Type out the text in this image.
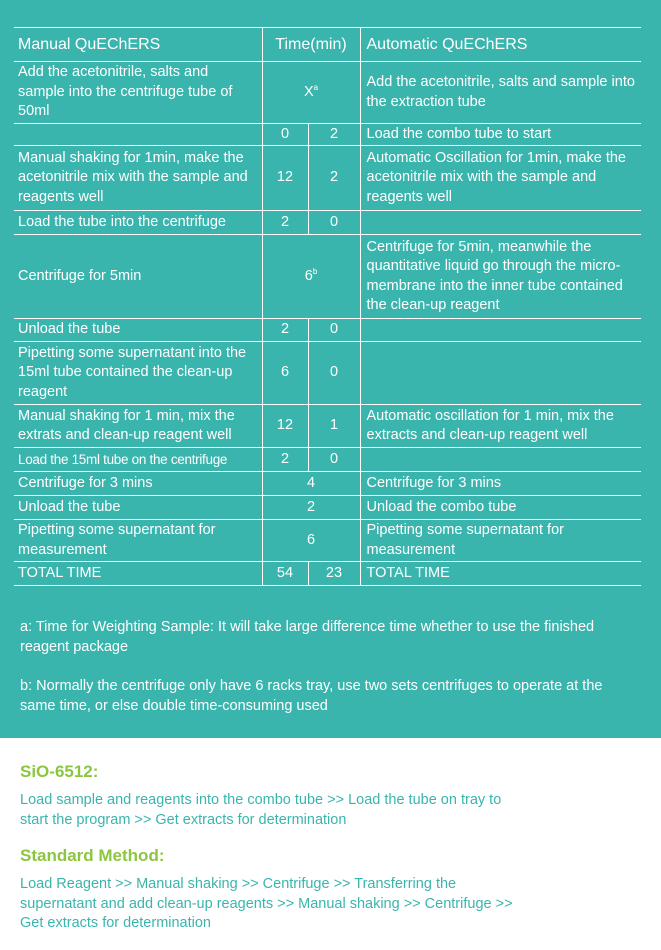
Manual QuEChERS	Time(min)		Automatic QuEChERS
Add the acetonitrile, salts and sample into the centrifuge tube of 50ml	$X^a$		Add the acetonitrile, salts and sample into the extraction tube
	0	2	Load the combo tube to start
Manual shaking for 1min, make the acetonitrile mix with the sample and reagents well	12	2	Automatic Oscillation for 1min, make the acetonitrile mix with the sample and reagents well
Load the tube into the centrifuge	2	0	
Centrifuge for 5min	6$^b$		Centrifuge for 5min, meanwhile the quantitative liquid go through the micro-membrane into the inner tube contained the clean-up reagent
Unload the tube	2	0	
Pipetting some supernatant into the 15ml tube contained the clean-up reagent	6	0	
Manual shaking for 1 min, mix the extrats and clean-up reagent well	12	1	Automatic oscillation for 1 min, mix the extracts and clean-up reagent well
Load the 15ml tube on the centrifuge	2	0	
Centrifuge for 3 mins	4		Centrifuge for 3 mins
Unload the tube	2		Unload the combo tube
Pipetting some supernatant for measurement	6		Pipetting some supernatant for measurement
TOTAL TIME	54	23	TOTAL TIME

a: Time for Weighting Sample: It will take large difference time whether to use the finished reagent package

b: Normally the centrifuge only have 6 racks tray, use two sets centrifuges to operate at the same time, or else double time-consuming used

SiO-6512:
Load sample and reagents into the combo tube >> Load the tube on tray to start the program >> Get extracts for determination
Standard Method:
Load Reagent >> Manual shaking >> Centrifuge >> Transferring the supernatant and add clean-up reagents >> Manual shaking >> Centrifuge >> Get extracts for determination
